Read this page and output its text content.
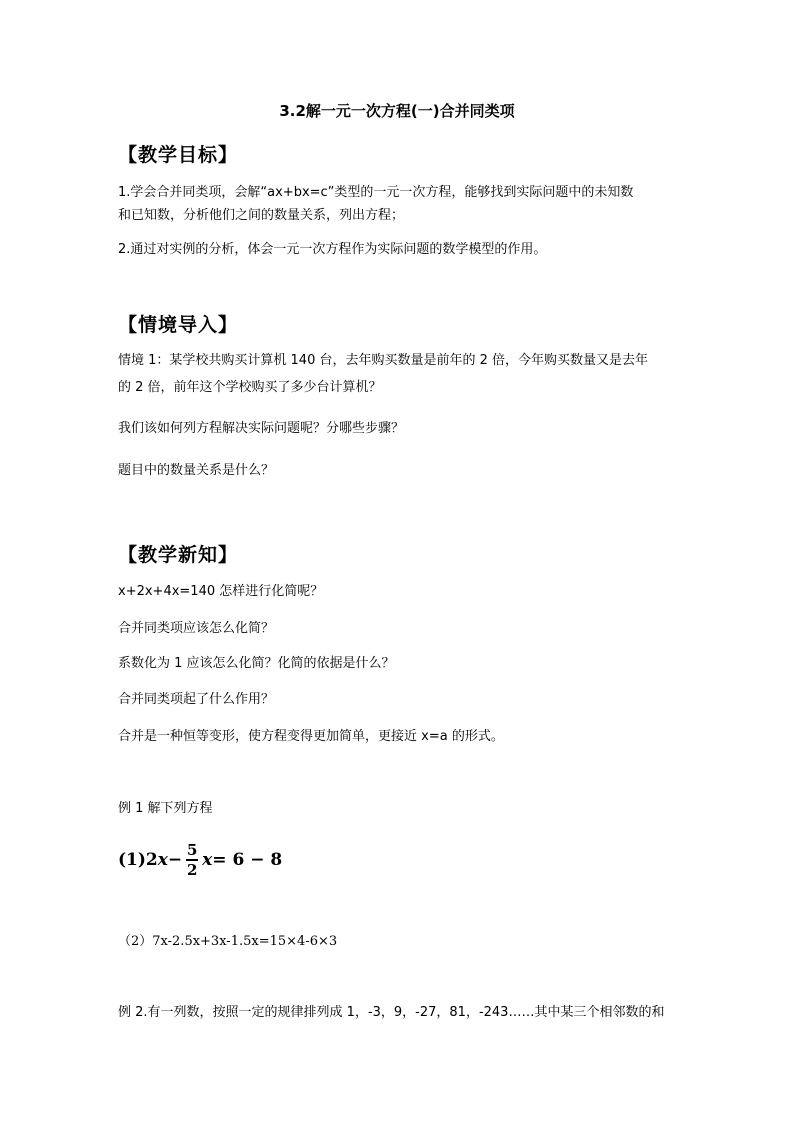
3.2解一元一次方程(一)合并同类项
【教学目标】
1.学会合并同类项，会解“ax+bx=c”类型的一元一次方程，能够找到实际问题中的未知数
和已知数，分析他们之间的数量关系，列出方程；
2.通过对实例的分析，体会一元一次方程作为实际问题的数学模型的作用。
【情境导入】
情境 1：某学校共购买计算机 140 台，去年购买数量是前年的 2 倍，今年购买数量又是去年
的 2 倍，前年这个学校购买了多少台计算机？
我们该如何列方程解决实际问题呢？分哪些步骤？
题目中的数量关系是什么？
【教学新知】
x+2x+4x=140 怎样进行化简呢？
合并同类项应该怎么化简？
系数化为 1 应该怎么化简？化简的依据是什么？
合并同类项起了什么作用？
合并是一种恒等变形，使方程变得更加简单，更接近 x=a 的形式。
例 1 解下列方程
(1) 2 $x - \frac{5}{2}$ x = 6 − 8
（2）7x-2.5x+3x-1.5x=15×4-6×3
例 2.有一列数，按照一定的规律排列成 1，-3，9，-27，81，-243……其中某三个相邻数的和
